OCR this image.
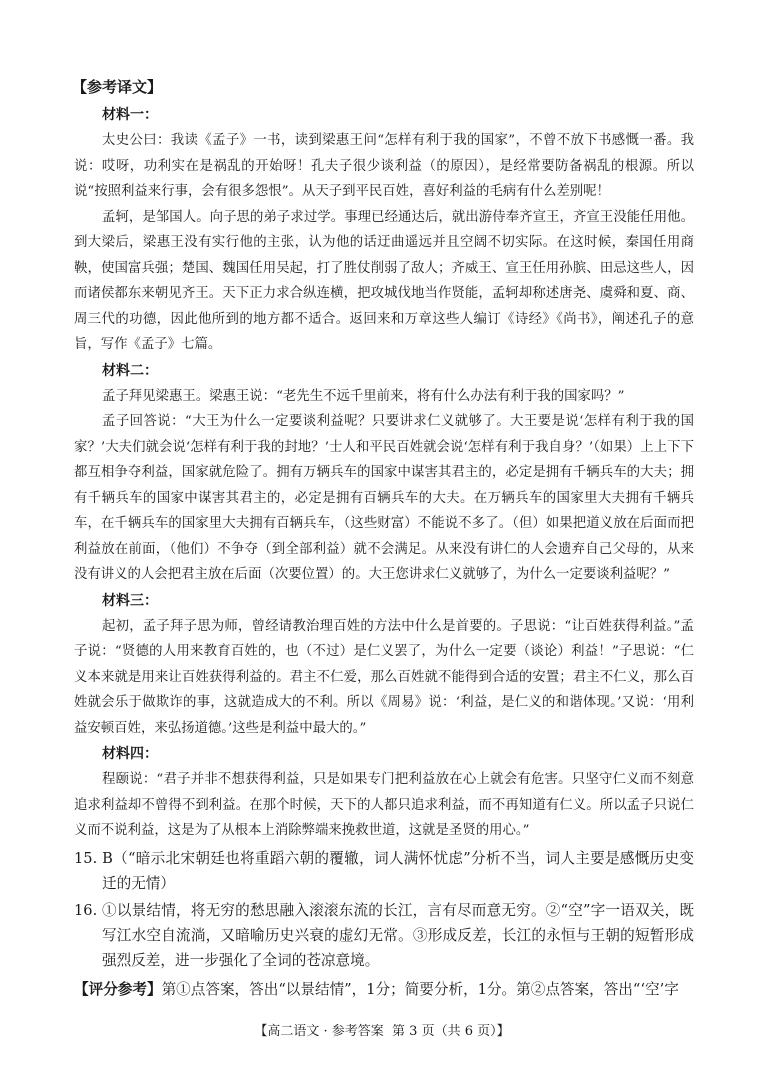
【参考译文】
材料一：

太史公曰：我读《孟子》一书，读到梁惠王问“怎样有利于我的国家”，不曾不放下书感慨一番。我说：哎呀，功利实在是祸乱的开始呀！孔夫子很少谈利益（的原因），是经常要防备祸乱的根源。所以说“按照利益来行事，会有很多怨恨”。从天子到平民百姓，喜好利益的毛病有什么差别呢！

孟轲，是邹国人。向子思的弟子求过学。事理已经通达后，就出游侍奉齐宣王，齐宣王没能任用他。到大梁后，梁惠王没有实行他的主张，认为他的话迂曲遥远并且空阔不切实际。在这时候，秦国任用商鞅，使国富兵强；楚国、魏国任用吴起，打了胜仗削弱了敌人；齐威王、宣王任用孙膑、田忌这些人，因而诸侯都东来朝见齐王。天下正力求合纵连横，把攻城伐地当作贤能，孟轲却称述唐尧、虞舜和夏、商、周三代的功德，因此他所到的地方都不适合。返回来和万章这些人编订《诗经》《尚书》，阐述孔子的意旨，写作《孟子》七篇。

材料二：

孟子拜见梁惠王。梁惠王说：“老先生不远千里前来，将有什么办法有利于我的国家吗？”

孟子回答说：“大王为什么一定要谈利益呢？只要讲求仁义就够了。大王要是说‘怎样有利于我的国家？’大夫们就会说‘怎样有利于我的封地？’士人和平民百姓就会说‘怎样有利于我自身？’（如果）上上下下都互相争夺利益，国家就危险了。拥有万辆兵车的国家中谋害其君主的，必定是拥有千辆兵车的大夫；拥有千辆兵车的国家中谋害其君主的，必定是拥有百辆兵车的大夫。在万辆兵车的国家里大夫拥有千辆兵车，在千辆兵车的国家里大夫拥有百辆兵车，（这些财富）不能说不多了。（但）如果把道义放在后面而把利益放在前面，（他们）不争夺（到全部利益）就不会满足。从来没有讲仁的人会遗弃自己父母的，从来没有讲义的人会把君主放在后面（次要位置）的。大王您讲求仁义就够了，为什么一定要谈利益呢？”

材料三：

起初，孟子拜子思为师，曾经请教治理百姓的方法中什么是首要的。子思说：“让百姓获得利益。”孟子说：“贤德的人用来教育百姓的，也（不过）是仁义罢了，为什么一定要（谈论）利益！”子思说：“仁义本来就是用来让百姓获得利益的。君主不仁爱，那么百姓就不能得到合适的安置；君主不仁义，那么百姓就会乐于做欺诈的事，这就造成大的不利。所以《周易》说：‘利益，是仁义的和谐体现。’又说：‘用利益安顿百姓，来弘扬道德。’这些是利益中最大的。”

材料四：

程颐说：“君子并非不想获得利益，只是如果专门把利益放在心上就会有危害。只坚守仁义而不刻意追求利益却不曾得不到利益。在那个时候，天下的人都只追求利益，而不再知道有仁义。所以孟子只说仁义而不说利益，这是为了从根本上消除弊端来挽救世道，这就是圣贤的用心。”

15. B（“暗示北宋朝廷也将重蹈六朝的覆辙，词人满怀忧虑”分析不当，词人主要是感慨历史变迁的无情）

16. ①以景结情，将无穷的愁思融入滚滚东流的长江，言有尽而意无穷。②“空”字一语双关，既写江水空自流淌，又暗喻历史兴衰的虚幻无常。③形成反差，长江的永恒与王朝的短暂形成强烈反差，进一步强化了全词的苍凉意境。

【评分参考】第①点答案，答出“以景结情”，1分；简要分析，1分。第②点答案，答出“‘空’字

【高二语文 · 参考答案 第 3 页（共 6 页）】
